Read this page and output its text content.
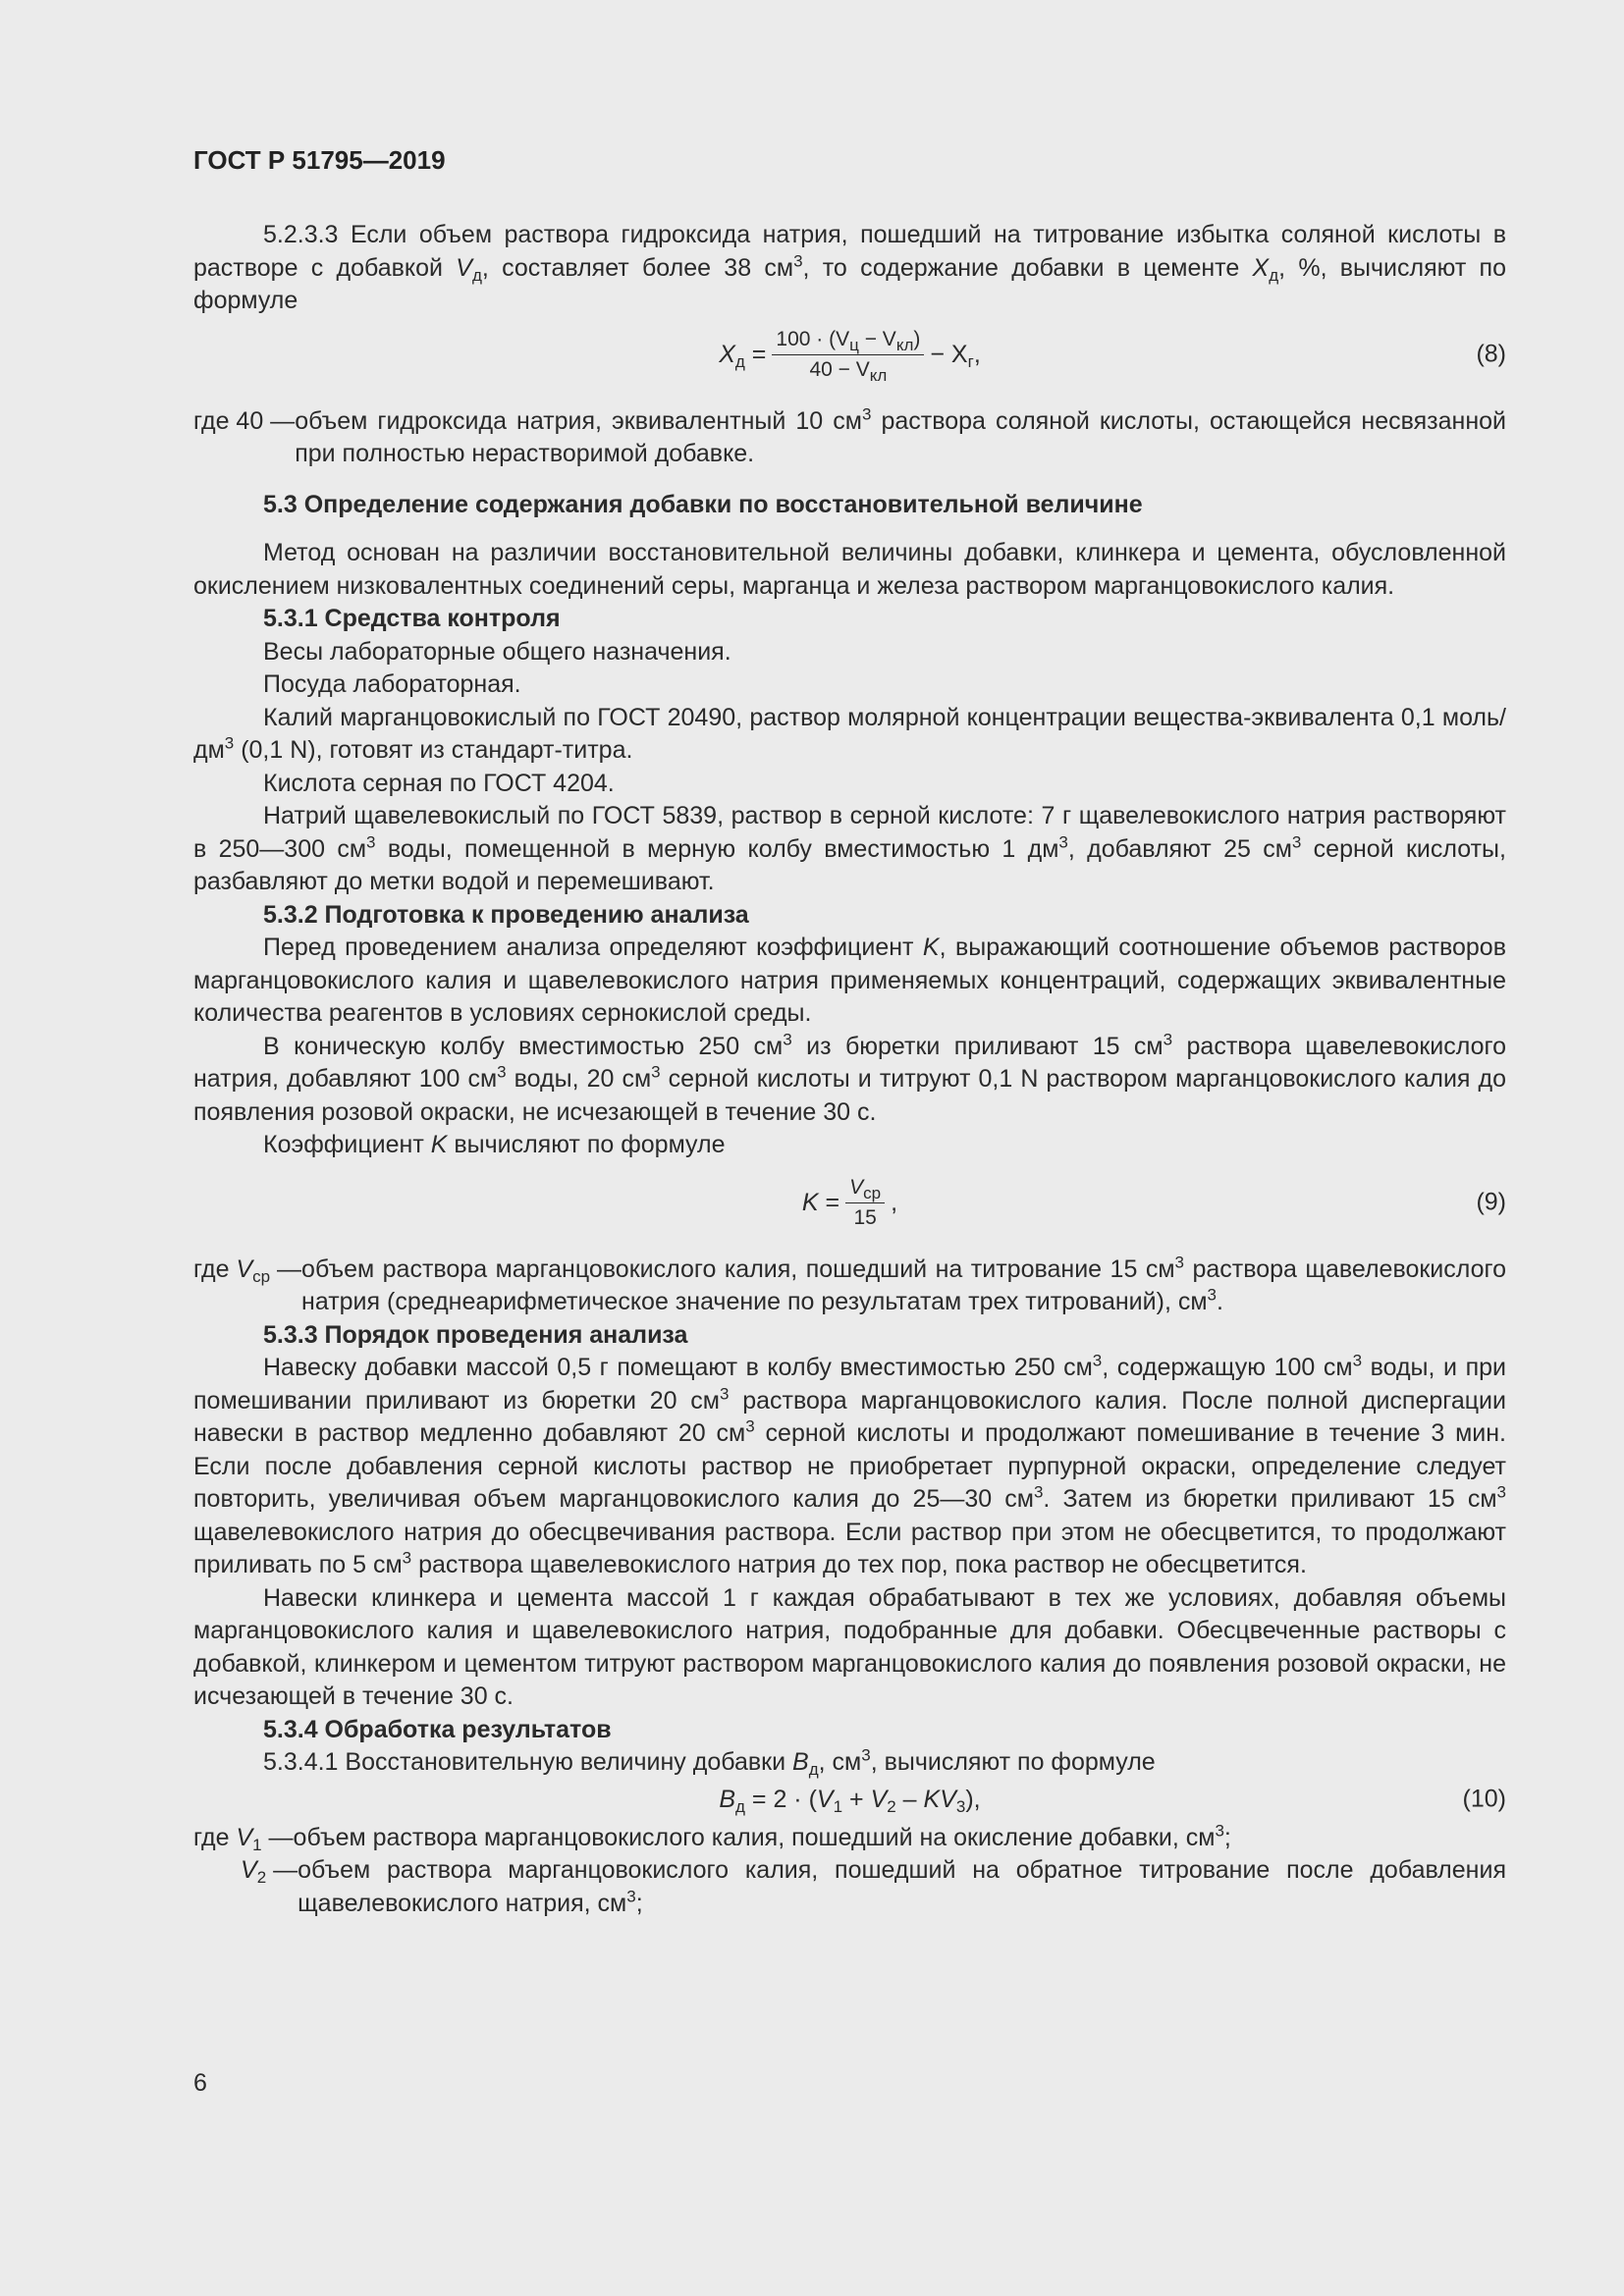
ГОСТ Р 51795—2019

5.2.3.3 Если объем раствора гидроксида натрия, пошедший на титрование избытка соляной кислоты в растворе с добавкой $V_д$, составляет более 38 $см^3$, то содержание добавки в цементе $X_д$, %, вычисляют по формуле

$X_д = \frac{100 \cdot (V_ц - V_{кл})}{40 - V_{кл}} - X_г$,	(8)
где 40 — объем гидроксида натрия, эквивалентный 10 $см^3$ раствора соляной кислоты, остающейся несвязанной при полностью нерастворимой добавке.
5.3 Определение содержания добавки по восстановительной величине

Метод основан на различии восстановительной величины добавки, клинкера и цемента, обусловленной окислением низковалентных соединений серы, марганца и железа раствором марганцовокислого калия.

5.3.1 Средства контроля

Весы лабораторные общего назначения.

Посуда лабораторная.

Калий марганцовокислый по ГОСТ 20490, раствор молярной концентрации вещества-эквивалента 0,1 моль/$дм^3$ (0,1 N), готовят из стандарт-титра.

Кислота серная по ГОСТ 4204.

Натрий щавелевокислый по ГОСТ 5839, раствор в серной кислоте: 7 г щавелевокислого натрия растворяют в 250—300 $см^3$ воды, помещенной в мерную колбу вместимостью 1 $дм^3$, добавляют 25 $см^3$ серной кислоты, разбавляют до метки водой и перемешивают.

5.3.2 Подготовка к проведению анализа

Перед проведением анализа определяют коэффициент K, выражающий соотношение объемов растворов марганцовокислого калия и щавелевокислого натрия применяемых концентраций, содержащих эквивалентные количества реагентов в условиях сернокислой среды.

В коническую колбу вместимостью 250 $см^3$ из бюретки приливают 15 $см^3$ раствора щавелевокислого натрия, добавляют 100 $см^3$ воды, 20 $см^3$ серной кислоты и титруют 0,1 N раствором марганцовокислого калия до появления розовой окраски, не исчезающей в течение 30 с.

Коэффициент K вычисляют по формуле

$K = \frac{V_{ср}}{15}$ ,	(9)
где $V_{ср}$ — объем раствора марганцовокислого калия, пошедший на титрование 15 $см^3$ раствора щавелевокислого натрия (среднеарифметическое значение по результатам трех титрований), $см^3$.
5.3.3 Порядок проведения анализа

Навеску добавки массой 0,5 г помещают в колбу вместимостью 250 $см^3$, содержащую 100 $см^3$ воды, и при помешивании приливают из бюретки 20 $см^3$ раствора марганцовокислого калия. После полной диспергации навески в раствор медленно добавляют 20 $см^3$ серной кислоты и продолжают помешивание в течение 3 мин. Если после добавления серной кислоты раствор не приобретает пурпурной окраски, определение следует повторить, увеличивая объем марганцовокислого калия до 25—30 $см^3$. Затем из бюретки приливают 15 $см^3$ щавелевокислого натрия до обесцвечивания раствора. Если раствор при этом не обесцветится, то продолжают приливать по 5 $см^3$ раствора щавелевокислого натрия до тех пор, пока раствор не обесцветится.

Навески клинкера и цемента массой 1 г каждая обрабатывают в тех же условиях, добавляя объемы марганцовокислого калия и щавелевокислого натрия, подобранные для добавки. Обесцвеченные растворы с добавкой, клинкером и цементом титруют раствором марганцовокислого калия до появления розовой окраски, не исчезающей в течение 30 с.

5.3.4 Обработка результатов

5.3.4.1 Восстановительную величину добавки $B_д$, $см^3$, вычисляют по формуле

$B_д = 2 \cdot (V_1 + V_2 - KV_3)$,	(10)
где $V_1$ — объем раствора марганцовокислого калия, пошедший на окисление добавки, $см^3$;
$V_2$ — объем раствора марганцовокислого калия, пошедший на обратное титрование после добавления щавелевокислого натрия, $см^3$;
6
